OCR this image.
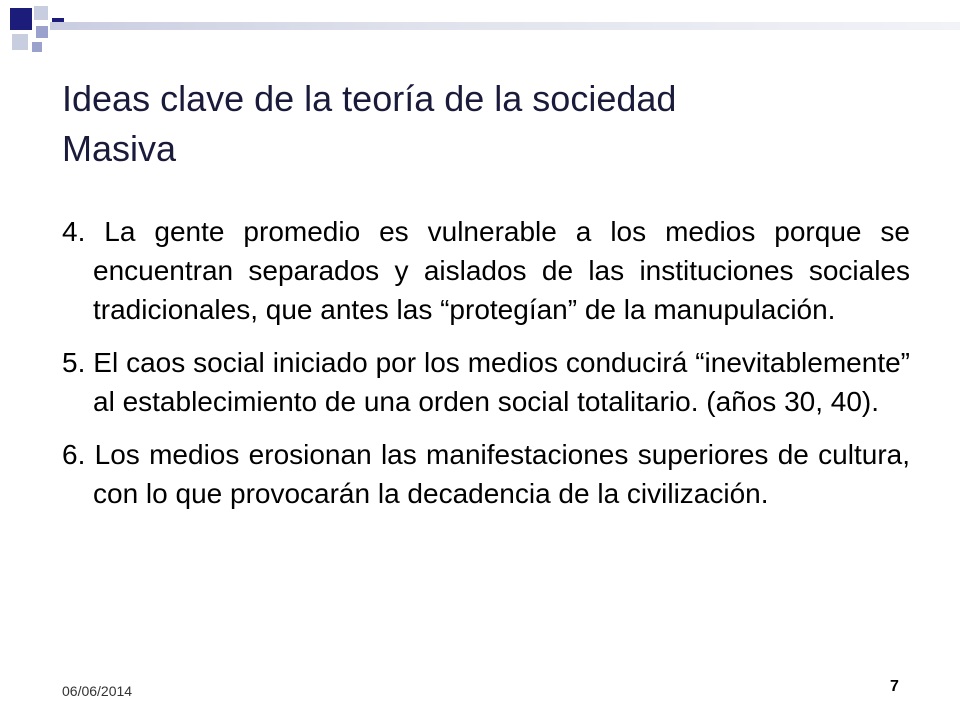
Ideas clave de la teoría de la sociedad
Masiva

4. La gente promedio es vulnerable a los medios porque se encuentran separados y aislados de las instituciones sociales tradicionales, que antes las “protegían” de la manupulación.

5. El caos social iniciado por los medios conducirá “inevitablemente” al establecimiento de una orden social totalitario. (años 30, 40).

6. Los medios erosionan las manifestaciones superiores de cultura, con lo que provocarán la decadencia de la civilización.

06/06/2014	7
